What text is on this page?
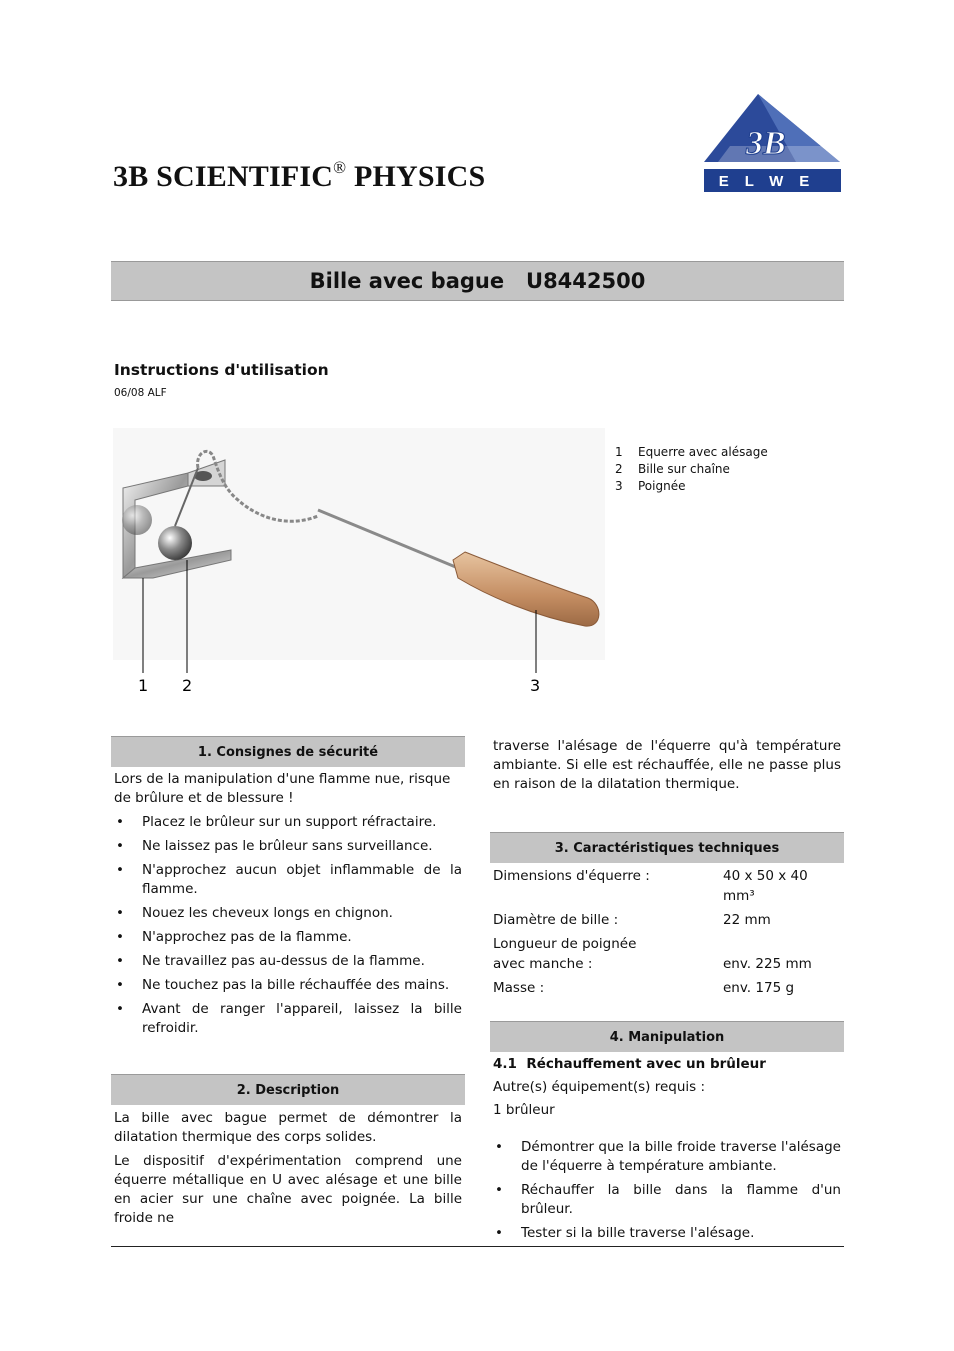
3B SCIENTIFIC® PHYSICS
3B
ELWE
Bille avec bague   U8442500
Instructions d'utilisation
06/08 ALF
1 2	3
1	Equerre avec alésage
2	Bille sur chaîne
3	Poignée
1. Consignes de sécurité

Lors de la manipulation d'une flamme nue, risque de brûlure et de blessure !

• Placez le brûleur sur un support réfractaire.
• Ne laissez pas le brûleur sans surveillance.
• N'approchez aucun objet inflammable de la flamme.
• Nouez les cheveux longs en chignon.
• N'approchez pas de la flamme.
• Ne travaillez pas au-dessus de la flamme.
• Ne touchez pas la bille réchauffée des mains.
• Avant de ranger l'appareil, laissez la bille refroidir.
2. Description

La bille avec bague permet de démontrer la dilatation thermique des corps solides.

Le dispositif d'expérimentation comprend une équerre métallique en U avec alésage et une bille en acier sur une chaîne avec poignée. La bille froide ne

traverse l'alésage de l'équerre qu'à température ambiante. Si elle est réchauffée, elle ne passe plus en raison de la dilatation thermique.

3. Caractéristiques techniques
Dimensions d'équerre :	40 x 50 x 40 mm³
Diamètre de bille :	22 mm
Longueur de poignée
avec manche :	env. 225 mm
Masse :	env. 175 g
4. Manipulation
4.1  Réchauffement avec un brûleur

Autre(s) équipement(s) requis :

1 brûleur

• Démontrer que la bille froide traverse l'alésage de l'équerre à température ambiante.
• Réchauffer la bille dans la flamme d'un brûleur.
• Tester si la bille traverse l'alésage.
